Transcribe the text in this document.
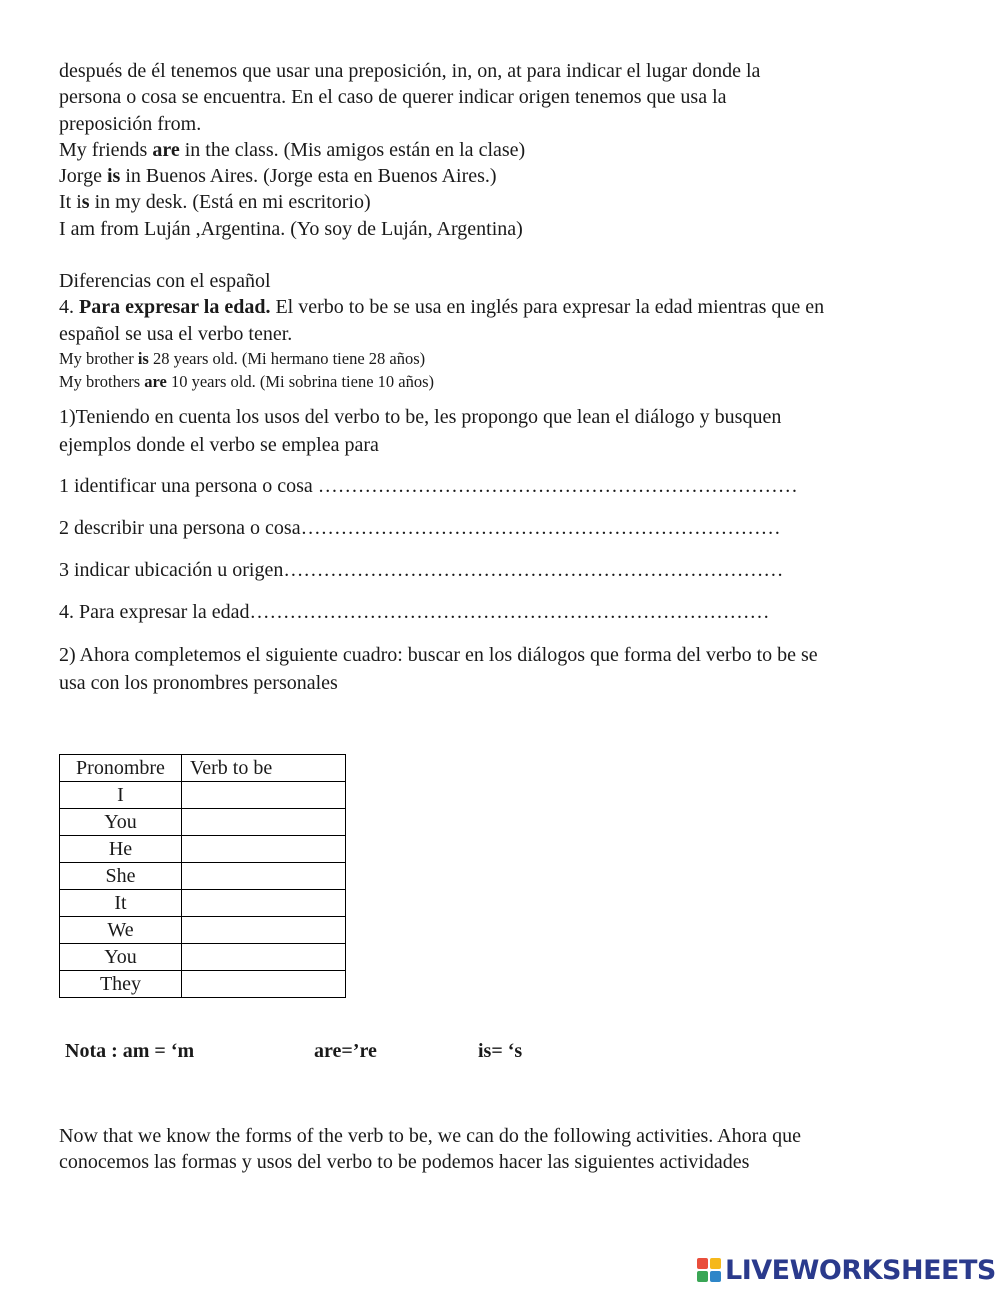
después de él tenemos que usar una preposición, in, on, at para indicar el lugar donde la

persona o cosa se encuentra. En el caso de querer indicar origen tenemos que usa la

preposición from.

My friends are in the class. (Mis amigos están en la clase)

Jorge is in Buenos Aires. (Jorge esta en Buenos Aires.)

It is in my desk. (Está en mi escritorio)

I am from Luján ,Argentina. (Yo soy de Luján, Argentina)

Diferencias con el español

4. Para expresar la edad. El verbo to be se usa en inglés para expresar la edad mientras que en

español se usa el verbo tener.

My brother is 28 years old. (Mi hermano tiene 28 años)

My brothers are 10 years old. (Mi sobrina tiene 10 años)

1)Teniendo en cuenta los usos del verbo to be, les propongo que lean el diálogo y busquen

ejemplos donde el verbo se emplea para

1 identificar una persona o cosa ………………………………………………………………

2 describir una persona o cosa………………………………………………………………

3 indicar ubicación u origen…………………………………………………………………

4. Para expresar la edad……………………………………………………………………

2) Ahora completemos el siguiente cuadro: buscar en los diálogos que forma del verbo to be se

usa con los pronombres personales

Pronombre	Verb to be
I	
You	
He	
She	
It	
We	
You	
They	
Nota : am = ‘m	are=’re	is= ‘s

Now that we know the forms of the verb to be, we can do the following activities. Ahora que

conocemos las formas y usos del verbo to be podemos hacer las siguientes actividades

LIVEWORKSHEETS
